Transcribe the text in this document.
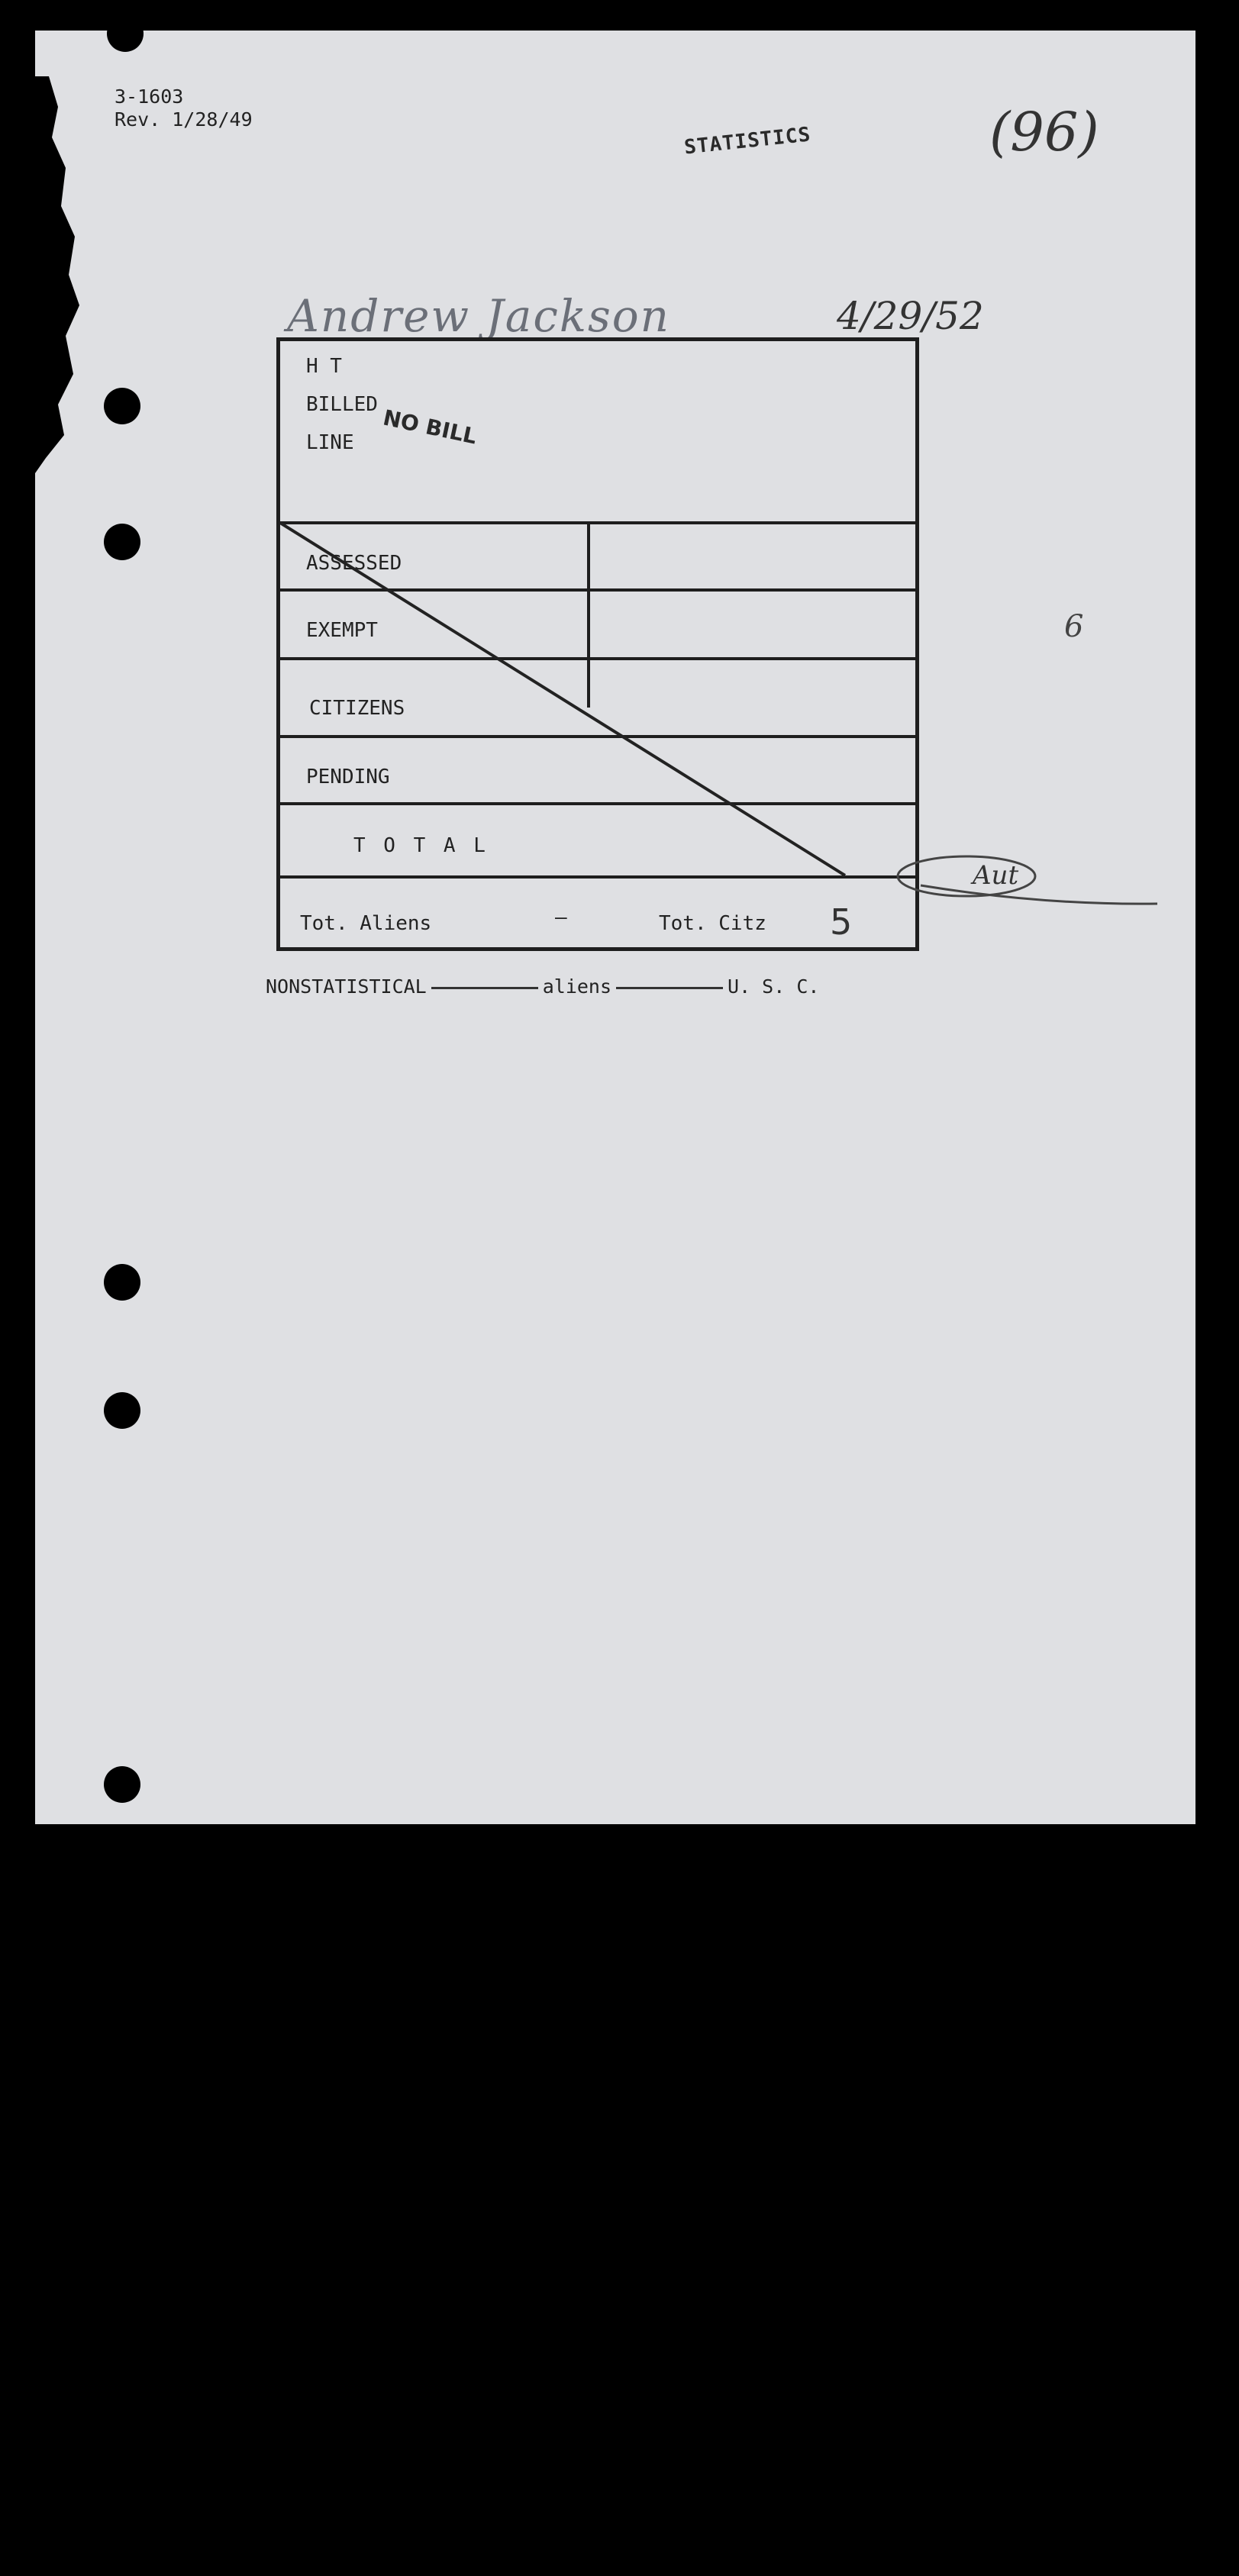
3-1603
Rev. 1/28/49
STATISTICS	(96)
Andrew Jackson	4/29/52
H T
BILLED
LINE NO BILL
ASSESSED
EXEMPT
CITIZENS
PENDING
T O T A L
Tot. Aliens	—	Tot. Citz 5
Aut
6
NONSTATISTICAL	aliens	U. S. C.
